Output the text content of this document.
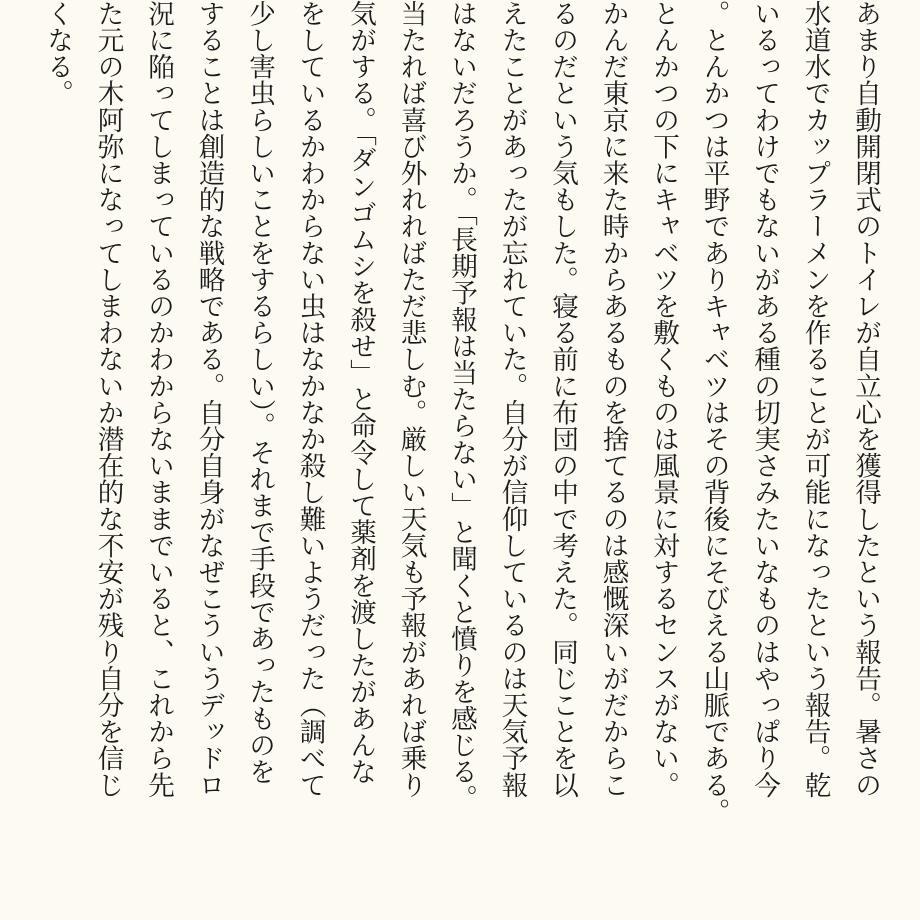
あまり自動開閉式のトイレが自立心を獲得したという報告。暑さの
水道水でカップラーメンを作ることが可能になったという報告。乾
いるってわけでもないがある種の切実さみたいなものはやっぱり今
。とんかつは平野でありキャベツはその背後にそびえる山脈である。
とんかつの下にキャベツを敷くものは風景に対するセンスがない。
かんだ東京に来た時からあるものを捨てるのは感慨深いがだからこ
るのだという気もした。寝る前に布団の中で考えた。同じことを以
えたことがあったが忘れていた。自分が信仰しているのは天気予報
はないだろうか。「長期予報は当たらない」と聞くと憤りを感じる。
当たれば喜び外れればただ悲しむ。厳しい天気も予報があれば乗り
気がする。「ダンゴムシを殺せ」と命令して薬剤を渡したがあんな
をしているかわからない虫はなかなか殺し難いようだった（調べて
少し害虫らしいことをするらしい）。それまで手段であったものを
することは創造的な戦略である。自分自身がなぜこういうデッドロ
況に陥ってしまっているのかわからないままでいると、これから先
た元の木阿弥になってしまわないか潜在的な不安が残り自分を信じ
くなる。
